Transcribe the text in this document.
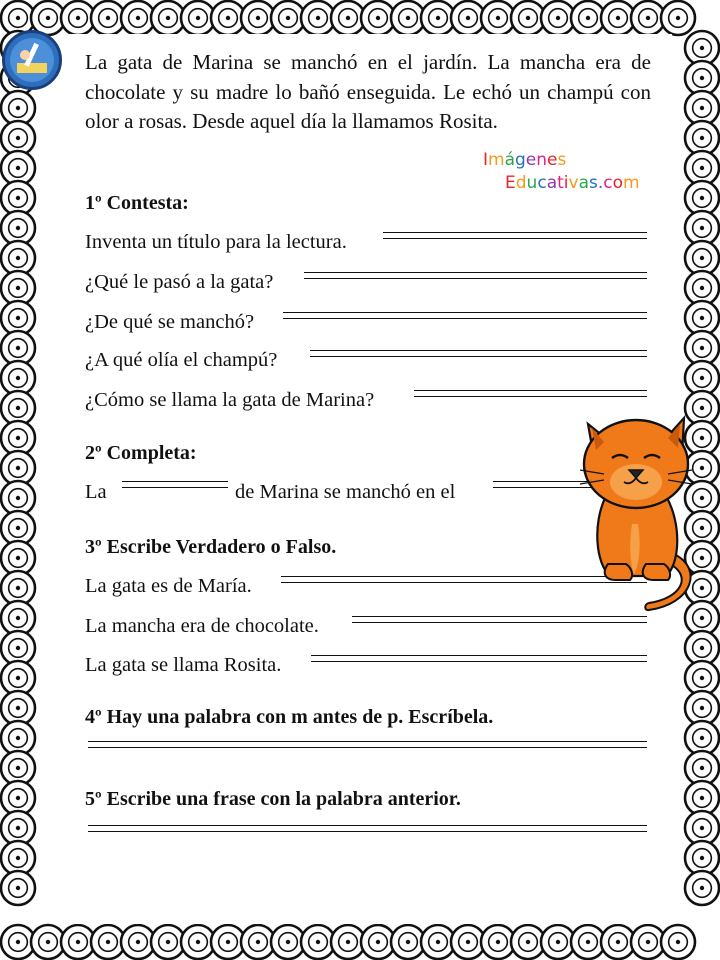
La gata de Marina se manchó en el jardín. La mancha era de chocolate y su madre lo bañó enseguida. Le echó un champú con olor a rosas. Desde aquel día la llamamos Rosita.
Imágenes
Educativas.com
1º Contesta:
Inventa un título para la lectura.
¿Qué le pasó a la gata?
¿De qué se manchó?
¿A qué olía el champú?
¿Cómo se llama la gata de Marina?
2º Completa:
La	de Marina se manchó en el
3º Escribe Verdadero o Falso.
La gata es de María.
La mancha era de chocolate.
La gata se llama Rosita.
4º Hay una palabra con m antes de p. Escríbela.
5º Escribe una frase con la palabra anterior.
